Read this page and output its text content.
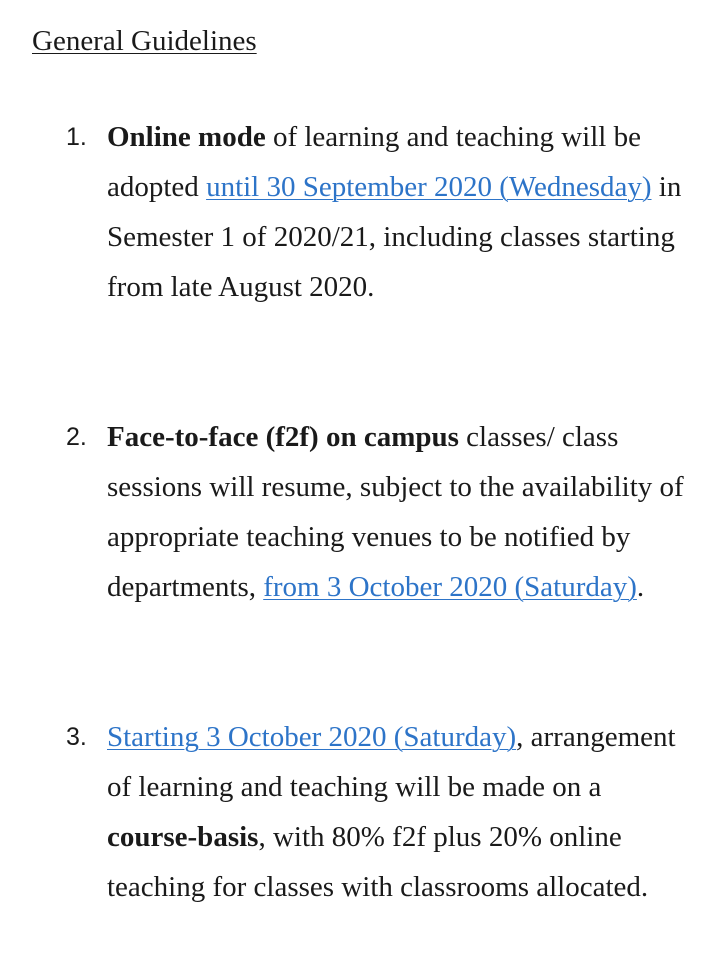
General Guidelines
1. Online mode of learning and teaching will be adopted until 30 September 2020 (Wednesday) in Semester 1 of 2020/21, including classes starting from late August 2020.

2. Face-to-face (f2f) on campus classes/ class sessions will resume, subject to the availability of appropriate teaching venues to be notified by departments, from 3 October 2020 (Saturday).

3. Starting 3 October 2020 (Saturday), arrangement of learning and teaching will be made on a course-basis, with 80% f2f plus 20% online teaching for classes with classrooms allocated.
